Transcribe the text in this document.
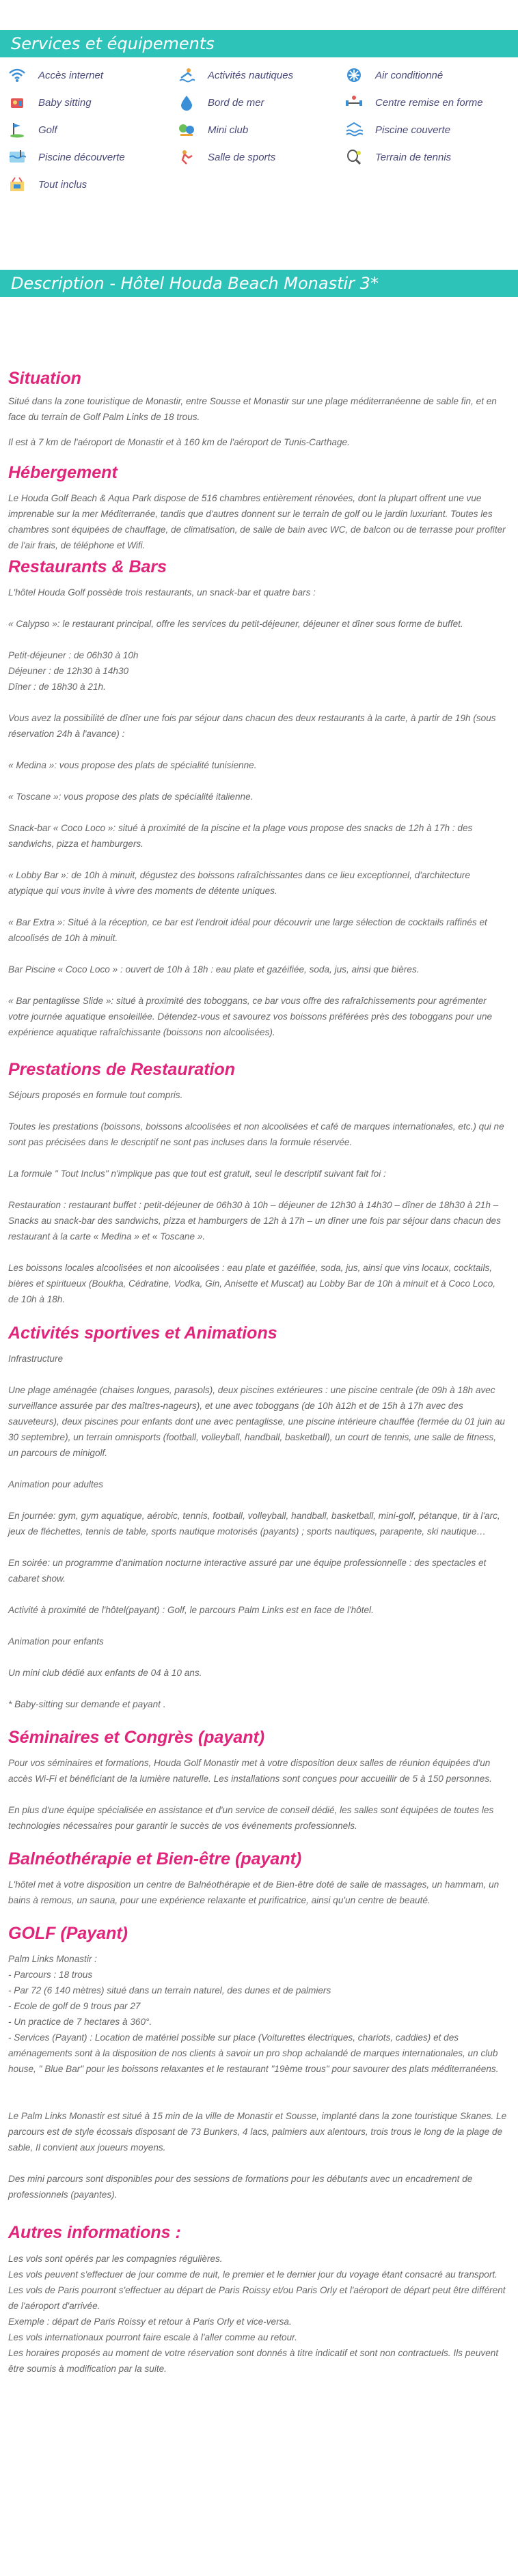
Services et équipements
Accès internet	Activités nautiques	Air conditionné
Baby sitting	Bord de mer	Centre remise en forme
Golf	Mini club	Piscine couverte
Piscine découverte	Salle de sports	Terrain de tennis
Tout inclus
Description - Hôtel Houda Beach Monastir 3*
Situation
Situé dans la zone touristique de Monastir, entre Sousse et Monastir sur une plage méditerranéenne de sable fin, et en face du terrain de Golf Palm Links de 18 trous.
Il est à 7 km de l'aéroport de Monastir et à 160 km de l'aéroport de Tunis-Carthage.
Hébergement
Le Houda Golf Beach & Aqua Park dispose de 516 chambres entièrement rénovées, dont la plupart offrent une vue imprenable sur la mer Méditerranée, tandis que d'autres donnent sur le terrain de golf ou le jardin luxuriant. Toutes les chambres sont équipées de chauffage, de climatisation, de salle de bain avec WC, de balcon ou de terrasse pour profiter de l'air frais, de téléphone et Wifi.
Restaurants & Bars
L'hôtel Houda Golf possède trois restaurants, un snack-bar et quatre bars :
« Calypso »: le restaurant principal, offre les services du petit-déjeuner, déjeuner et dîner sous forme de buffet.
Petit-déjeuner : de 06h30 à 10h
Déjeuner : de 12h30 à 14h30
Dîner : de 18h30 à 21h.
Vous avez la possibilité de dîner une fois par séjour dans chacun des deux restaurants à la carte, à partir de 19h (sous réservation 24h à l'avance) :
« Medina »: vous propose des plats de spécialité tunisienne.
« Toscane »: vous propose des plats de spécialité italienne.
Snack-bar « Coco Loco »: situé à proximité de la piscine et la plage vous propose des snacks de 12h à 17h : des sandwichs, pizza et hamburgers.
« Lobby Bar »: de 10h à minuit, dégustez des boissons rafraîchissantes dans ce lieu exceptionnel, d'architecture atypique qui vous invite à vivre des moments de détente uniques.
« Bar Extra »: Situé à la réception, ce bar est l'endroit idéal pour découvrir une large sélection de cocktails raffinés et alcoolisés de 10h à minuit.
Bar Piscine « Coco Loco » : ouvert de 10h à 18h : eau plate et gazéifiée, soda, jus, ainsi que bières.
« Bar pentaglisse Slide »: situé à proximité des toboggans, ce bar vous offre des rafraîchissements pour agrémenter votre journée aquatique ensoleillée. Détendez-vous et savourez vos boissons préférées près des toboggans pour une expérience aquatique rafraîchissante (boissons non alcoolisées).
Prestations de Restauration
Séjours proposés en formule tout compris.
Toutes les prestations (boissons, boissons alcoolisées et non alcoolisées et café de marques internationales, etc.) qui ne sont pas précisées dans le descriptif ne sont pas incluses dans la formule réservée.
La formule " Tout Inclus" n'implique pas que tout est gratuit, seul le descriptif suivant fait foi :
Restauration : restaurant buffet : petit-déjeuner de 06h30 à 10h – déjeuner de 12h30 à 14h30 – dîner de 18h30 à 21h – Snacks au snack-bar des sandwichs, pizza et hamburgers de 12h à 17h – un dîner une fois par séjour dans chacun des restaurant à la carte « Medina » et « Toscane ».
Les boissons locales alcoolisées et non alcoolisées : eau plate et gazéifiée, soda, jus, ainsi que vins locaux, cocktails, bières et spiritueux (Boukha, Cédratine, Vodka, Gin, Anisette et Muscat) au Lobby Bar de 10h à minuit et à Coco Loco, de 10h à 18h.
Activités sportives et Animations
Infrastructure
Une plage aménagée (chaises longues, parasols), deux piscines extérieures : une piscine centrale (de 09h à 18h avec surveillance assurée par des maîtres-nageurs), et une avec toboggans (de 10h à12h et de 15h à 17h avec des sauveteurs), deux piscines pour enfants dont une avec pentaglisse, une piscine intérieure chauffée (fermée du 01 juin au 30 septembre), un terrain omnisports (football, volleyball, handball, basketball), un court de tennis, une salle de fitness, un parcours de minigolf.
Animation pour adultes
En journée: gym, gym aquatique, aérobic, tennis, football, volleyball, handball, basketball, mini-golf, pétanque, tir à l'arc, jeux de fléchettes, tennis de table, sports nautique motorisés (payants) ; sports nautiques, parapente, ski nautique…
En soirée: un programme d'animation nocturne interactive assuré par une équipe professionnelle : des spectacles et cabaret show.
Activité à proximité de l'hôtel(payant) : Golf, le parcours Palm Links est en face de l'hôtel.
Animation pour enfants
Un mini club dédié aux enfants de 04 à 10 ans.
* Baby-sitting sur demande et payant .
Séminaires et Congrès (payant)
Pour vos séminaires et formations, Houda Golf Monastir met à votre disposition deux salles de réunion équipées d'un accès Wi-Fi et bénéficiant de la lumière naturelle. Les installations sont conçues pour accueillir de 5 à 150 personnes.
En plus d'une équipe spécialisée en assistance et d'un service de conseil dédié, les salles sont équipées de toutes les technologies nécessaires pour garantir le succès de vos événements professionnels.
Balnéothérapie et Bien-être (payant)
L'hôtel met à votre disposition un centre de Balnéothérapie et de Bien-être doté de salle de massages, un hammam, un bains à remous, un sauna, pour une expérience relaxante et purificatrice, ainsi qu'un centre de beauté.
GOLF (Payant)
Palm Links Monastir :
- Parcours : 18 trous
- Par 72 (6 140 mètres) situé dans un terrain naturel, des dunes et de palmiers
- Ecole de golf de 9 trous par 27
- Un practice de 7 hectares à 360°.
- Services (Payant) : Location de matériel possible sur place (Voiturettes électriques, chariots, caddies) et des aménagements sont à la disposition de nos clients à savoir un pro shop achalandé de marques internationales, un club house, " Blue Bar" pour les boissons relaxantes et le restaurant "19ème trous" pour savourer des plats méditerranéens.
Le Palm Links Monastir est situé à 15 min de la ville de Monastir et Sousse, implanté dans la zone touristique Skanes. Le parcours est de style écossais disposant de 73 Bunkers, 4 lacs, palmiers aux alentours, trois trous le long de la plage de sable, Il convient aux joueurs moyens.
Des mini parcours sont disponibles pour des sessions de formations pour les débutants avec un encadrement de professionnels (payantes).
Autres informations :
Les vols sont opérés par les compagnies régulières.
Les vols peuvent s'effectuer de jour comme de nuit, le premier et le dernier jour du voyage étant consacré au transport.
Les vols de Paris pourront s'effectuer au départ de Paris Roissy et/ou Paris Orly et l'aéroport de départ peut être différent de l'aéroport d'arrivée.
Exemple : départ de Paris Roissy et retour à Paris Orly et vice-versa.
Les vols internationaux pourront faire escale à l'aller comme au retour.
Les horaires proposés au moment de votre réservation sont donnés à titre indicatif et sont non contractuels. Ils peuvent être soumis à modification par la suite.
